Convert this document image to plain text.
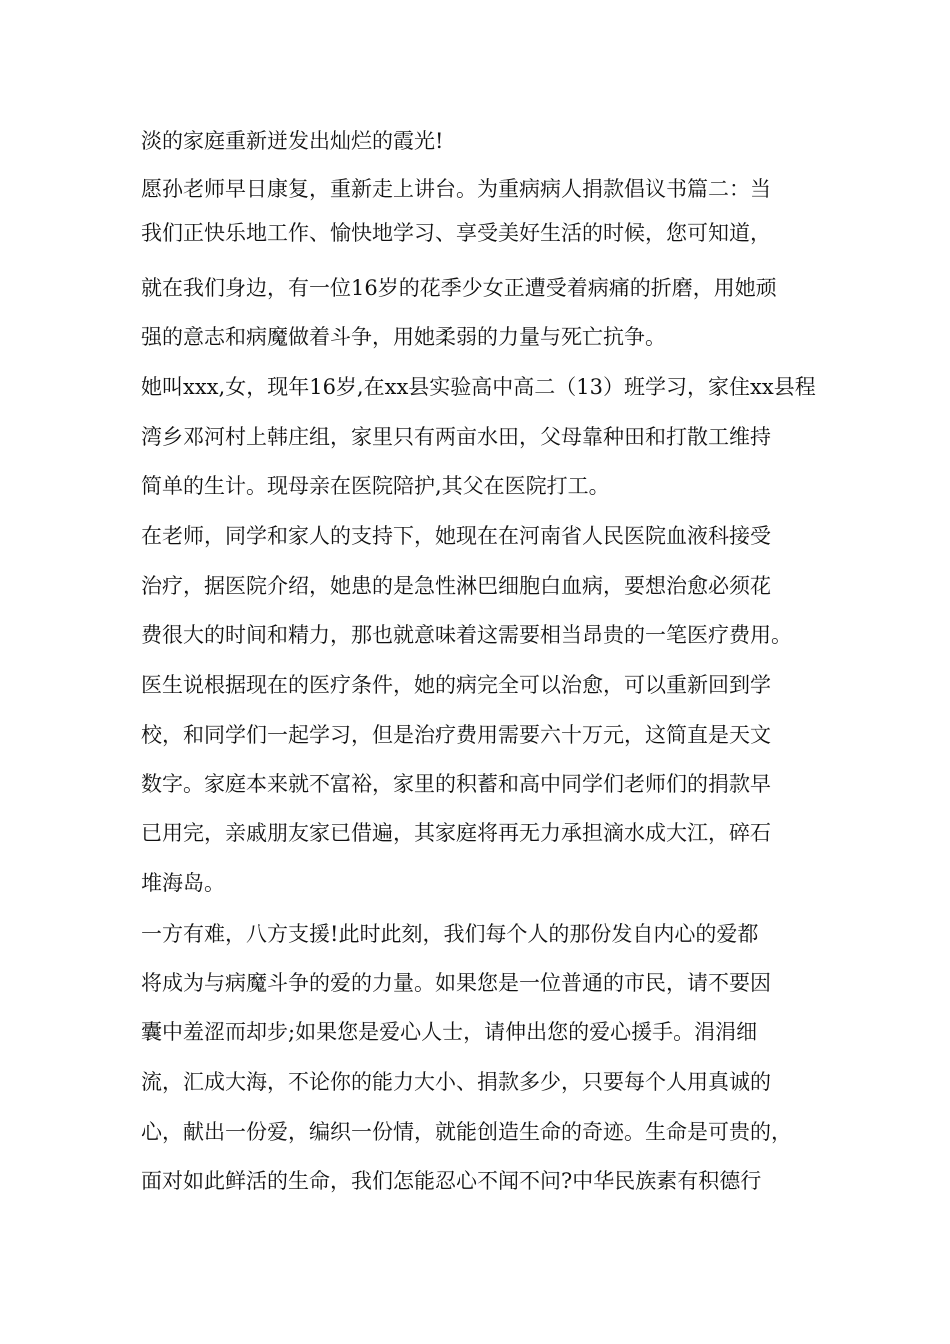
淡的家庭重新迸发出灿烂的霞光!
愿孙老师早日康复，重新走上讲台。为重病病人捐款倡议书篇二：当
我们正快乐地工作、愉快地学习、享受美好生活的时候，您可知道，
就在我们身边，有一位16岁的花季少女正遭受着病痛的折磨，用她顽
强的意志和病魔做着斗争，用她柔弱的力量与死亡抗争。
她叫xxx,女，现年16岁,在xx县实验高中高二（13）班学习，家住xx县程
湾乡邓河村上韩庄组，家里只有两亩水田，父母靠种田和打散工维持
简单的生计。现母亲在医院陪护,其父在医院打工。
在老师，同学和家人的支持下，她现在在河南省人民医院血液科接受
治疗，据医院介绍，她患的是急性淋巴细胞白血病，要想治愈必须花
费很大的时间和精力，那也就意味着这需要相当昂贵的一笔医疗费用。
医生说根据现在的医疗条件，她的病完全可以治愈，可以重新回到学
校，和同学们一起学习，但是治疗费用需要六十万元，这简直是天文
数字。家庭本来就不富裕，家里的积蓄和高中同学们老师们的捐款早
已用完，亲戚朋友家已借遍，其家庭将再无力承担滴水成大江，碎石
堆海岛。
一方有难，八方支援!此时此刻，我们每个人的那份发自内心的爱都
将成为与病魔斗争的爱的力量。如果您是一位普通的市民，请不要因
囊中羞涩而却步;如果您是爱心人士，请伸出您的爱心援手。涓涓细
流，汇成大海，不论你的能力大小、捐款多少，只要每个人用真诚的
心，献出一份爱，编织一份情，就能创造生命的奇迹。生命是可贵的，
面对如此鲜活的生命，我们怎能忍心不闻不问?中华民族素有积德行
